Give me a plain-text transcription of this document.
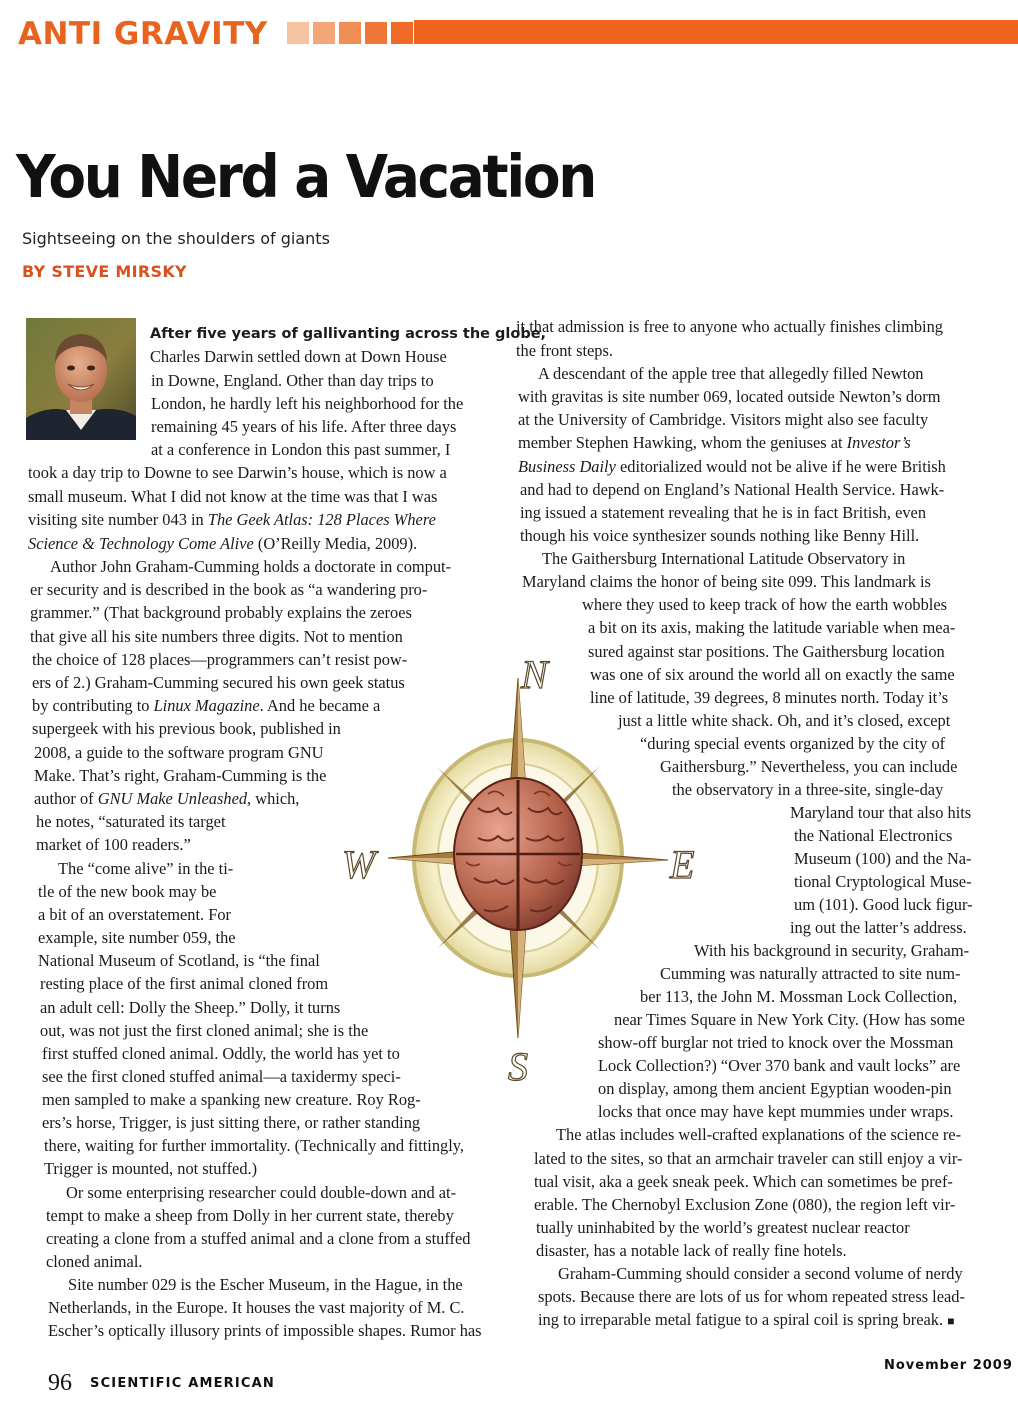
ANTI GRAVITY
You Nerd a Vacation

Sightseeing on the shoulders of giants

BY STEVE MIRSKY

After five years of gallivanting across the globe,
Charles Darwin settled down at Down House
in Downe, England. Other than day trips to
London, he hardly left his neighborhood for the
remaining 45 years of his life. After three days
at a conference in London this past summer, I
took a day trip to Downe to see Darwin’s house, which is now a
small museum. What I did not know at the time was that I was
visiting site number 043 in The Geek Atlas: 128 Places Where
Science & Technology Come Alive (O’Reilly Media, 2009).
Author John Graham-Cumming holds a doctorate in comput-
er security and is described in the book as “a wandering pro-
grammer.” (That background probably explains the zeroes
that give all his site numbers three digits. Not to mention
the choice of 128 places—programmers can’t resist pow-
ers of 2.) Graham-Cumming secured his own geek status
by contributing to Linux Magazine. And he became a
supergeek with his previous book, published in
2008, a guide to the software program GNU
Make. That’s right, Graham-Cumming is the
author of GNU Make Unleashed, which,
he notes, “saturated its target
market of 100 readers.”
The “come alive” in the ti-
tle of the new book may be
a bit of an overstatement. For
example, site number 059, the
National Museum of Scotland, is “the final
resting place of the first animal cloned from
an adult cell: Dolly the Sheep.” Dolly, it turns
out, was not just the first cloned animal; she is the
first stuffed cloned animal. Oddly, the world has yet to
see the first cloned stuffed animal—a taxidermy speci-
men sampled to make a spanking new creature. Roy Rog-
ers’s horse, Trigger, is just sitting there, or rather standing
there, waiting for further immortality. (Technically and fittingly,
Trigger is mounted, not stuffed.)
Or some enterprising researcher could double-down and at-
tempt to make a sheep from Dolly in her current state, thereby
creating a clone from a stuffed animal and a clone from a stuffed
cloned animal.
Site number 029 is the Escher Museum, in the Hague, in the
Netherlands, in the Europe. It houses the vast majority of M. C.
Escher’s optically illusory prints of impossible shapes. Rumor has
it that admission is free to anyone who actually finishes climbing
the front steps.
A descendant of the apple tree that allegedly filled Newton
with gravitas is site number 069, located outside Newton’s dorm
at the University of Cambridge. Visitors might also see faculty
member Stephen Hawking, whom the geniuses at Investor’s
Business Daily editorialized would not be alive if he were British
and had to depend on England’s National Health Service. Hawk-
ing issued a statement revealing that he is in fact British, even
though his voice synthesizer sounds nothing like Benny Hill.
The Gaithersburg International Latitude Observatory in
Maryland claims the honor of being site 099. This landmark is
where they used to keep track of how the earth wobbles
a bit on its axis, making the latitude variable when mea-
sured against star positions. The Gaithersburg location
was one of six around the world all on exactly the same
line of latitude, 39 degrees, 8 minutes north. Today it’s
just a little white shack. Oh, and it’s closed, except
“during special events organized by the city of
Gaithersburg.” Nevertheless, you can include
the observatory in a three-site, single-day
Maryland tour that also hits
the National Electronics
Museum (100) and the Na-
tional Cryptological Muse-
um (101). Good luck figur-
ing out the latter’s address.
With his background in security, Graham-
Cumming was naturally attracted to site num-
ber 113, the John M. Mossman Lock Collection,
near Times Square in New York City. (How has some
show-off burglar not tried to knock over the Mossman
Lock Collection?) “Over 370 bank and vault locks” are
on display, among them ancient Egyptian wooden-pin
locks that once may have kept mummies under wraps.
The atlas includes well-crafted explanations of the science re-
lated to the sites, so that an armchair traveler can still enjoy a vir-
tual visit, aka a geek sneak peek. Which can sometimes be pref-
erable. The Chernobyl Exclusion Zone (080), the region left vir-
tually uninhabited by the world’s greatest nuclear reactor
disaster, has a notable lack of really fine hotels.
Graham-Cumming should consider a second volume of nerdy
spots. Because there are lots of us for whom repeated stress lead-
ing to irreparable metal fatigue to a spiral coil is spring break. ■
N
W	E
S
96 SCIENTIFIC AMERICAN
November 2009
